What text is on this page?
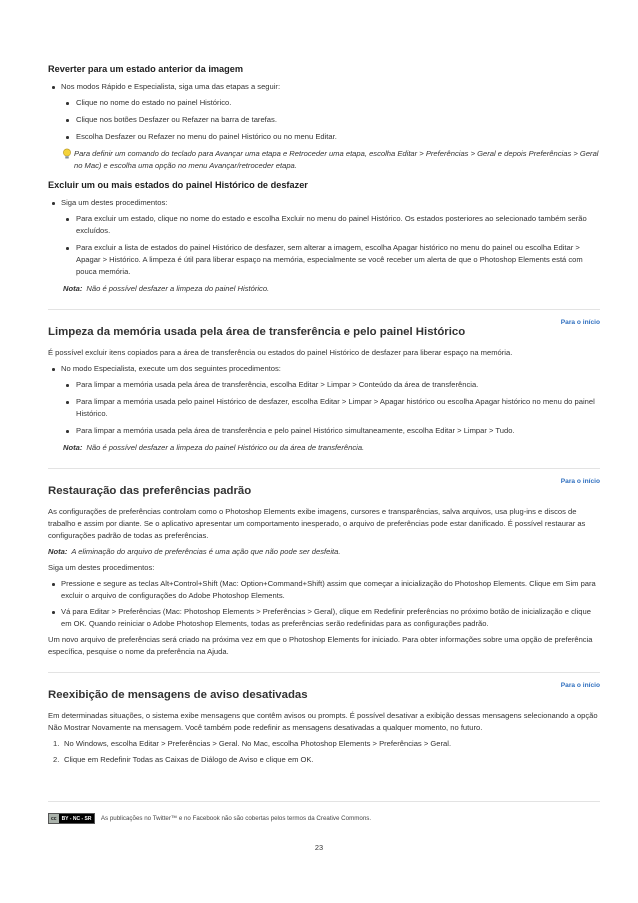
Reverter para um estado anterior da imagem
Nos modos Rápido e Especialista, siga uma das etapas a seguir:
Clique no nome do estado no painel Histórico.
Clique nos botões Desfazer ou Refazer na barra de tarefas.
Escolha Desfazer ou Refazer no menu do painel Histórico ou no menu Editar.
Para definir um comando do teclado para Avançar uma etapa e Retroceder uma etapa, escolha Editar > Preferências > Geral e depois Preferências > Geral no Mac) e escolha uma opção no menu Avançar/retroceder etapa.
Excluir um ou mais estados do painel Histórico de desfazer
Siga um destes procedimentos:
Para excluir um estado, clique no nome do estado e escolha Excluir no menu do painel Histórico. Os estados posteriores ao selecionado também serão excluídos.
Para excluir a lista de estados do painel Histórico de desfazer, sem alterar a imagem, escolha Apagar histórico no menu do painel ou escolha Editar > Apagar > Histórico. A limpeza é útil para liberar espaço na memória, especialmente se você receber um alerta de que o Photoshop Elements está com pouca memória.
Nota: Não é possível desfazer a limpeza do painel Histórico.
Para o início
Limpeza da memória usada pela área de transferência e pelo painel Histórico
É possível excluir itens copiados para a área de transferência ou estados do painel Histórico de desfazer para liberar espaço na memória.
No modo Especialista, execute um dos seguintes procedimentos:
Para limpar a memória usada pela área de transferência, escolha Editar > Limpar > Conteúdo da área de transferência.
Para limpar a memória usada pelo painel Histórico de desfazer, escolha Editar > Limpar > Apagar histórico ou escolha Apagar histórico no menu do painel Histórico.
Para limpar a memória usada pela área de transferência e pelo painel Histórico simultaneamente, escolha Editar > Limpar > Tudo.
Nota: Não é possível desfazer a limpeza do painel Histórico ou da área de transferência.
Para o início
Restauração das preferências padrão
As configurações de preferências controlam como o Photoshop Elements exibe imagens, cursores e transparências, salva arquivos, usa plug-ins e discos de trabalho e assim por diante. Se o aplicativo apresentar um comportamento inesperado, o arquivo de preferências pode estar danificado. É possível restaurar as configurações padrão de todas as preferências.
Nota: A eliminação do arquivo de preferências é uma ação que não pode ser desfeita.
Siga um destes procedimentos:
Pressione e segure as teclas Alt+Control+Shift (Mac: Option+Command+Shift) assim que começar a inicialização do Photoshop Elements. Clique em Sim para excluir o arquivo de configurações do Adobe Photoshop Elements.
Vá para Editar > Preferências (Mac: Photoshop Elements > Preferências > Geral), clique em Redefinir preferências no próximo botão de inicialização e clique em OK. Quando reiniciar o Adobe Photoshop Elements, todas as preferências serão redefinidas para as configurações padrão.
Um novo arquivo de preferências será criado na próxima vez em que o Photoshop Elements for iniciado. Para obter informações sobre uma opção de preferência específica, pesquise o nome da preferência na Ajuda.
Para o início
Reexibição de mensagens de aviso desativadas
Em determinadas situações, o sistema exibe mensagens que contêm avisos ou prompts. É possível desativar a exibição dessas mensagens selecionando a opção Não Mostrar Novamente na mensagem. Você também pode redefinir as mensagens desativadas a qualquer momento, no futuro.
1. No Windows, escolha Editar > Preferências > Geral. No Mac, escolha Photoshop Elements > Preferências > Geral.
2. Clique em Redefinir Todas as Caixas de Diálogo de Aviso e clique em OK.
cc	BY - NC - SR	As publicações no Twitter™ e no Facebook não são cobertas pelos termos da Creative Commons.
23
